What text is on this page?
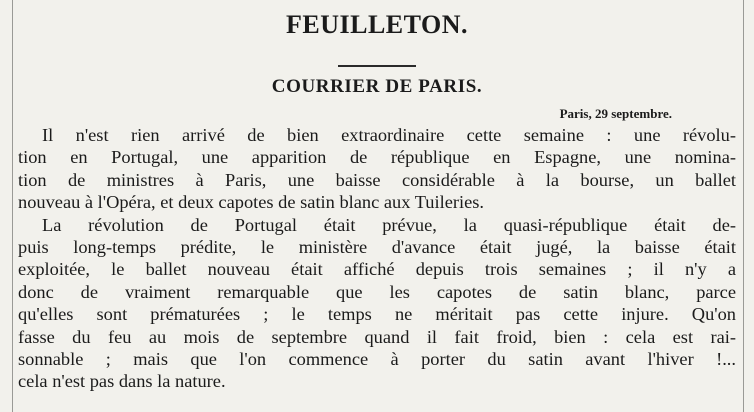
FEUILLETON.
COURRIER DE PARIS.
Paris, 29 septembre.
Il n'est rien arrivé de bien extraordinaire cette semaine : une révolu-
tion en Portugal, une apparition de république en Espagne, une nomina-
tion de ministres à Paris, une baisse considérable à la bourse, un ballet
nouveau à l'Opéra, et deux capotes de satin blanc aux Tuileries.
La révolution de Portugal était prévue, la quasi-république était de-
puis long-temps prédite, le ministère d'avance était jugé, la baisse était
exploitée, le ballet nouveau était affiché depuis trois semaines ; il n'y a
donc de vraiment remarquable que les capotes de satin blanc, parce
qu'elles sont prématurées ; le temps ne méritait pas cette injure. Qu'on
fasse du feu au mois de septembre quand il fait froid, bien : cela est rai-
sonnable ; mais que l'on commence à porter du satin avant l'hiver !...
cela n'est pas dans la nature.
